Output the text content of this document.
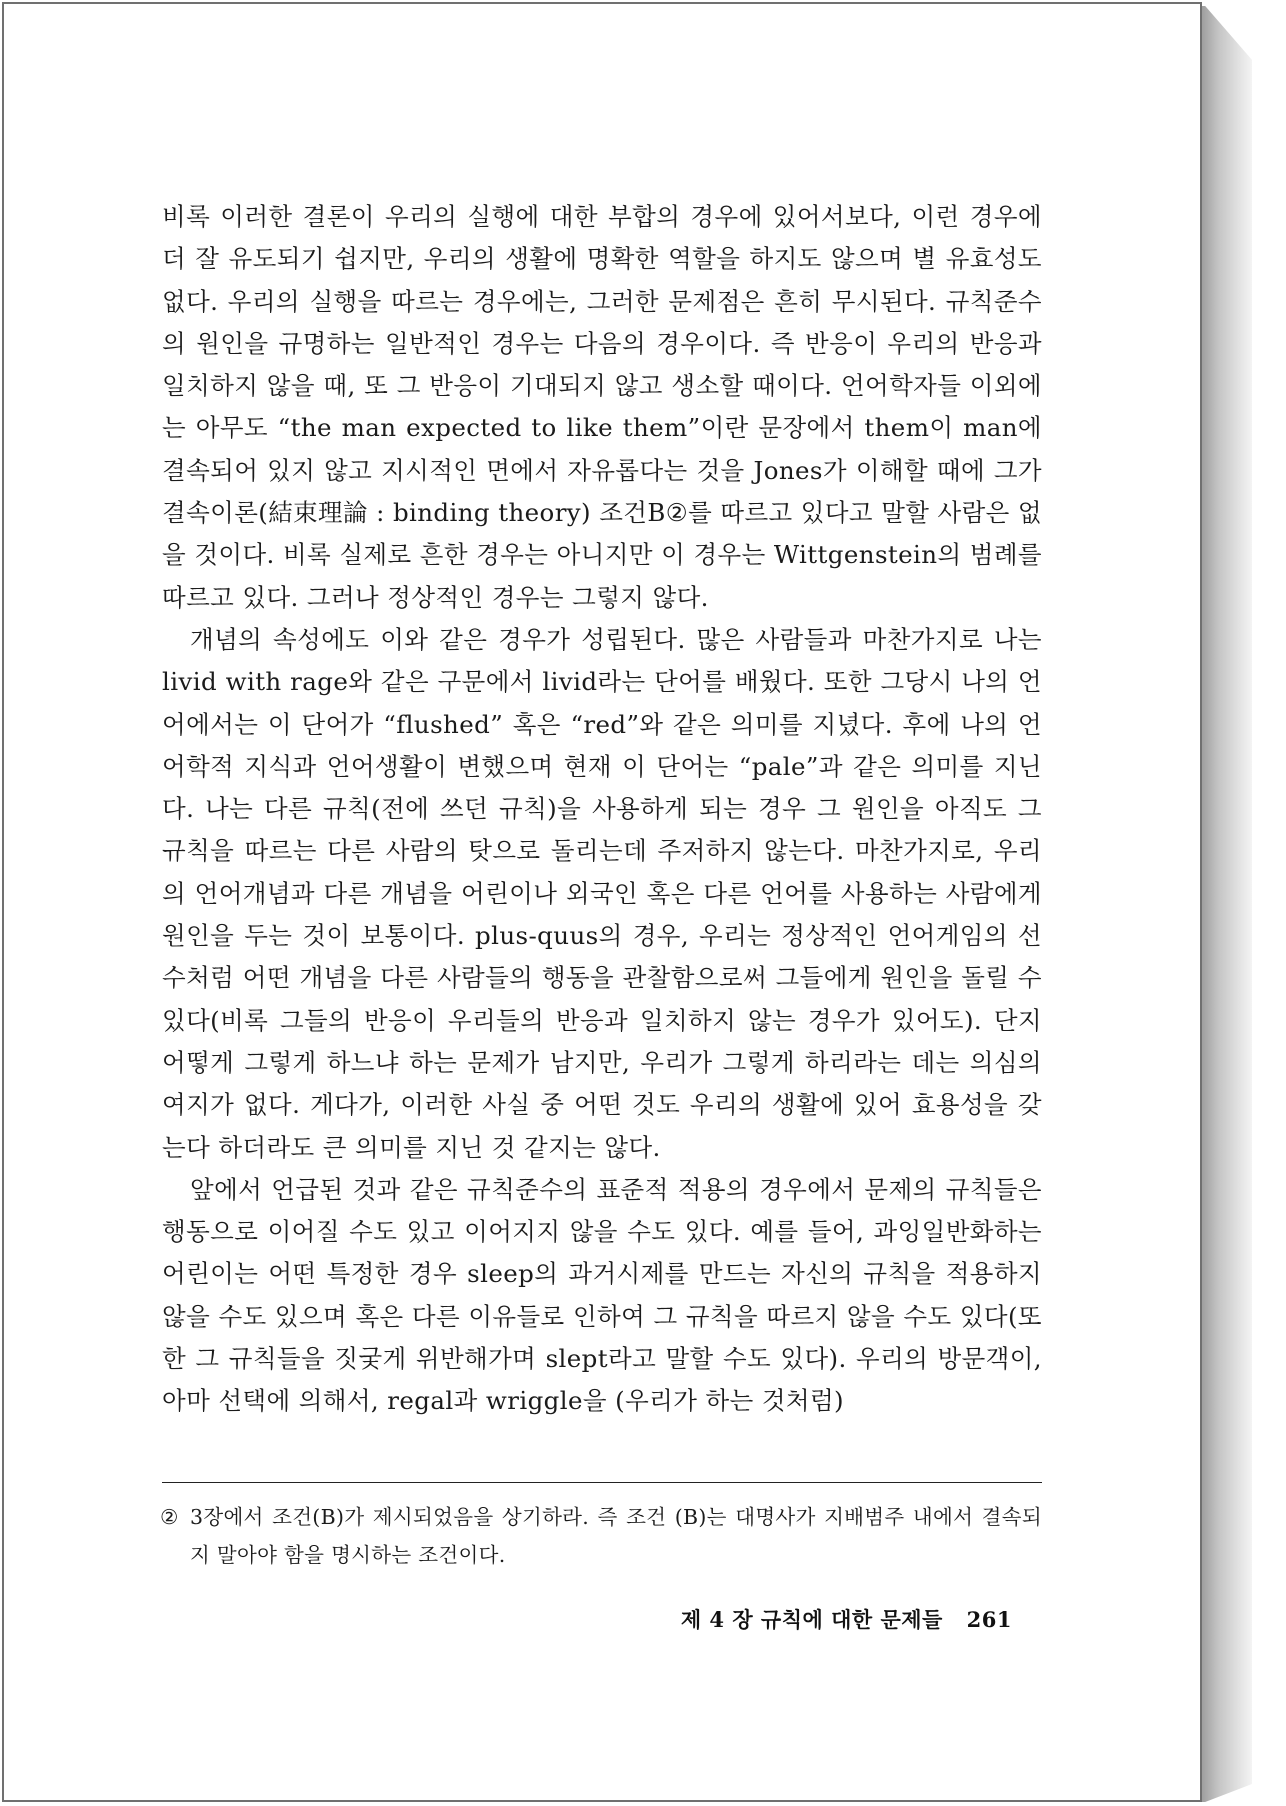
비록 이러한 결론이 우리의 실행에 대한 부합의 경우에 있어서보다, 이런 경우에 더 잘 유도되기 쉽지만, 우리의 생활에 명확한 역할을 하지도 않으며 별 유효성도 없다. 우리의 실행을 따르는 경우에는, 그러한 문제점은 흔히 무시된다. 규칙준수의 원인을 규명하는 일반적인 경우는 다음의 경우이다. 즉 반응이 우리의 반응과 일치하지 않을 때, 또 그 반응이 기대되지 않고 생소할 때이다. 언어학자들 이외에는 아무도 “the man expected to like them”이란 문장에서 them이 man에 결속되어 있지 않고 지시적인 면에서 자유롭다는 것을 Jones가 이해할 때에 그가 결속이론(結束理論 : binding theory) 조건B②를 따르고 있다고 말할 사람은 없을 것이다. 비록 실제로 흔한 경우는 아니지만 이 경우는 Wittgenstein의 범례를 따르고 있다. 그러나 정상적인 경우는 그렇지 않다.

개념의 속성에도 이와 같은 경우가 성립된다. 많은 사람들과 마찬가지로 나는 livid with rage와 같은 구문에서 livid라는 단어를 배웠다. 또한 그당시 나의 언어에서는 이 단어가 “flushed” 혹은 “red”와 같은 의미를 지녔다. 후에 나의 언어학적 지식과 언어생활이 변했으며 현재 이 단어는 “pale”과 같은 의미를 지닌다. 나는 다른 규칙(전에 쓰던 규칙)을 사용하게 되는 경우 그 원인을 아직도 그 규칙을 따르는 다른 사람의 탓으로 돌리는데 주저하지 않는다. 마찬가지로, 우리의 언어개념과 다른 개념을 어린이나 외국인 혹은 다른 언어를 사용하는 사람에게 원인을 두는 것이 보통이다. plus-quus의 경우, 우리는 정상적인 언어게임의 선수처럼 어떤 개념을 다른 사람들의 행동을 관찰함으로써 그들에게 원인을 돌릴 수 있다(비록 그들의 반응이 우리들의 반응과 일치하지 않는 경우가 있어도). 단지 어떻게 그렇게 하느냐 하는 문제가 남지만, 우리가 그렇게 하리라는 데는 의심의 여지가 없다. 게다가, 이러한 사실 중 어떤 것도 우리의 생활에 있어 효용성을 갖는다 하더라도 큰 의미를 지닌 것 같지는 않다.

앞에서 언급된 것과 같은 규칙준수의 표준적 적용의 경우에서 문제의 규칙들은 행동으로 이어질 수도 있고 이어지지 않을 수도 있다. 예를 들어, 과잉일반화하는 어린이는 어떤 특정한 경우 sleep의 과거시제를 만드는 자신의 규칙을 적용하지 않을 수도 있으며 혹은 다른 이유들로 인하여 그 규칙을 따르지 않을 수도 있다(또한 그 규칙들을 짓궂게 위반해가며 slept라고 말할 수도 있다). 우리의 방문객이, 아마 선택에 의해서, regal과 wriggle을 (우리가 하는 것처럼)

② 3장에서 조건(B)가 제시되었음을 상기하라. 즉 조건 (B)는 대명사가 지배범주 내에서 결속되지 말아야 함을 명시하는 조건이다.
제 4 장 규칙에 대한 문제들 261
